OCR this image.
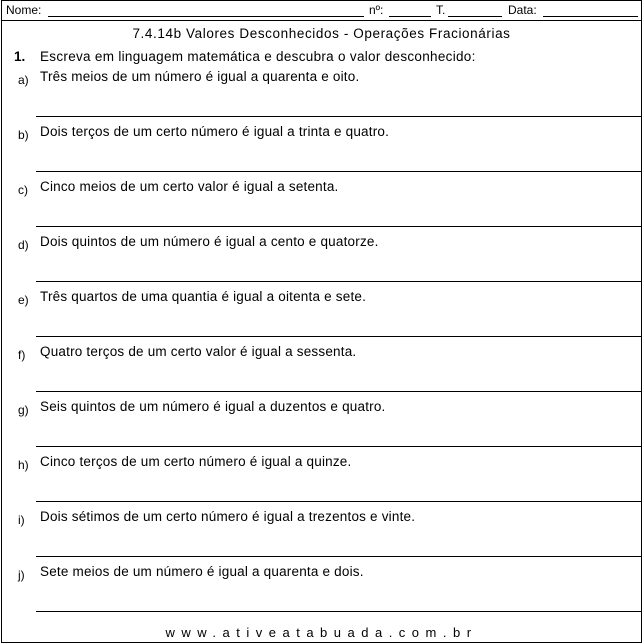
Nome:	nº:	T.	Data:
7.4.14b Valores Desconhecidos - Operações Fracionárias
1. Escreva em linguagem matemática e descubra o valor desconhecido:
a) Três meios de um número é igual a quarenta e oito.
b) Dois terços de um certo número é igual a trinta e quatro.
c) Cinco meios de um certo valor é igual a setenta.
d) Dois quintos de um número é igual a cento e quatorze.
e) Três quartos de uma quantia é igual a oitenta e sete.
f) Quatro terços de um certo valor é igual a sessenta.
g) Seis quintos de um número é igual a duzentos e quatro.
h) Cinco terços de um certo número é igual a quinze.
i) Dois sétimos de um certo número é igual a trezentos e vinte.
j) Sete meios de um número é igual a quarenta e dois.
www.ativeatabuada.com.br
